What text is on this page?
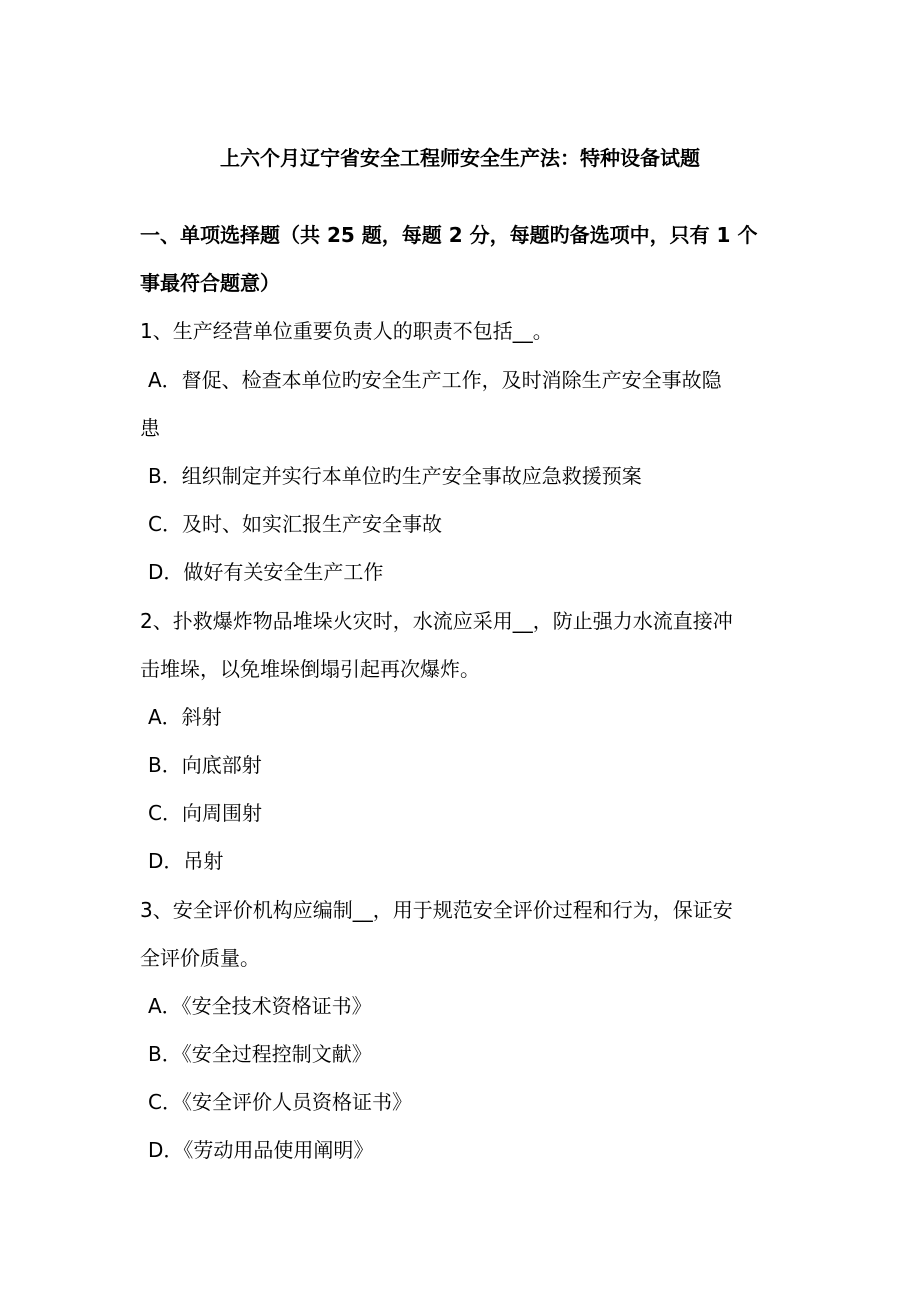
上六个月辽宁省安全工程师安全生产法：特种设备试题
一、单项选择题（共 25 题，每题 2 分，每题旳备选项中，只有 1 个
事最符合题意）
1、生产经营单位重要负责人的职责不包括__。
A．督促、检查本单位旳安全生产工作，及时消除生产安全事故隐
患
B．组织制定并实行本单位旳生产安全事故应急救援预案
C．及时、如实汇报生产安全事故
D．做好有关安全生产工作
2、扑救爆炸物品堆垛火灾时，水流应采用__，防止强力水流直接冲
击堆垛，以免堆垛倒塌引起再次爆炸。
A．斜射
B．向底部射
C．向周围射
D．吊射
3、安全评价机构应编制__，用于规范安全评价过程和行为，保证安
全评价质量。
A．《安全技术资格证书》
B．《安全过程控制文献》
C．《安全评价人员资格证书》
D．《劳动用品使用阐明》
